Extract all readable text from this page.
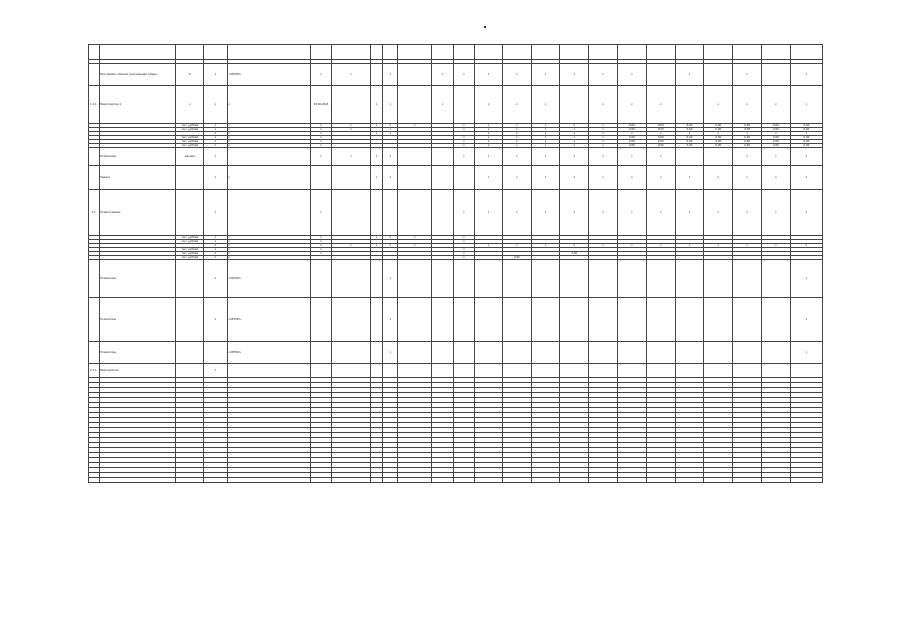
	Программа «Охрана окружающей среды»	%	1	«ОКТМО»	х	х		х		х	х	х	х	х	х	х	х		х		х		х
1.1.1.	Мероприятие 1	х	х	х	28.06.2024		х	х		х		х	х	х		х	х	х		х	х	х	х
		тыс. рублей	х	х	х	х	х	х	х		х	х	х	х	х	х	0,00	0,00	0,00	0,00	0,00	0,00	0,00
		тыс. рублей	х	х	х	х		х			х	х	х	х	х	х	0,00	0,00	0,00	0,00	0,00	0,00	0,00
			х	х	х		х	х				х	х	х	х	х	х	х	х	х	х	х	х
		тыс. рублей	х	х	х						х	х	х	х	х	х	0,00	0,00	0,00	0,00	0,00	0,00	0,00
		тыс. рублей	х	х	х						х	х	х	х	х	х	0,00	0,00	0,00	0,00	0,00	0,00	0,00
		тыс. рублей	х	х	х						х	х	х	х	х	х	0,00	0,00	0,00	0,00	0,00	0,00	0,00
	Показатель	единиц	х		х	х	х	х			х	х	х	х	х	х	х	х			х	х	х
	Задача		х	х			х	х				х	х	х	х	х	х	х	х	х	х	х	х
2.1.	Подпрограмма		х		х						х	х	х	х	х	х	х	х	х	х	х	х	х
		тыс. рублей	х	х	х		х	х	х		х												
		тыс. рублей	х	х	х						х												
			х	х	х	х	х	х	х			х	х	х	х	х	х	х	х	х	х	х	х
		тыс. рублей	х	х	х						х												
		тыс. рублей	х	х	х						х				0,00								
		тыс. рублей	х	х							х		0,00										
	Показатель		х	«ОКТМО»				х															х
	Показатель		х	«ОКТМО»				х															х
	Показатель			«ОКТМО»				х															х
2.1.1.	Мероприятие		х																				
